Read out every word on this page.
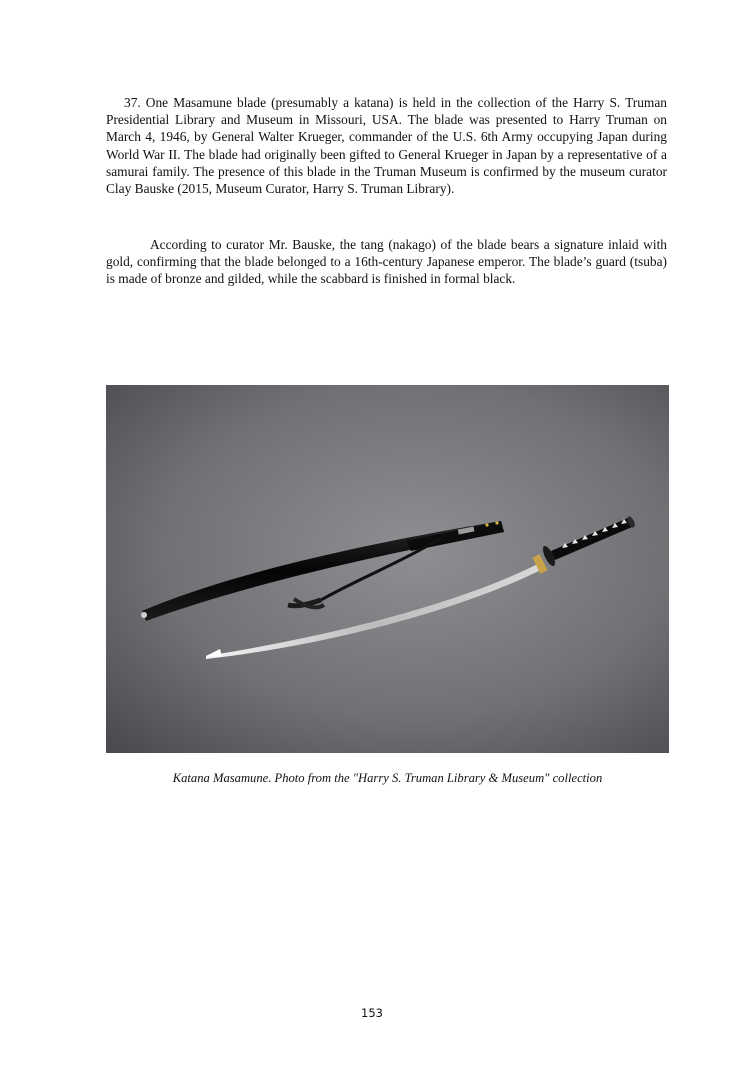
37. One Masamune blade (presumably a katana) is held in the collection of the Harry S. Truman Presidential Library and Museum in Missouri, USA. The blade was presented to Harry Truman on March 4, 1946, by General Walter Krueger, commander of the U.S. 6th Army occupying Japan during World War II. The blade had originally been gifted to General Krueger in Japan by a representative of a samurai family. The presence of this blade in the Truman Museum is confirmed by the museum curator Clay Bauske (2015, Museum Curator, Harry S. Truman Library).

According to curator Mr. Bauske, the tang (nakago) of the blade bears a signature inlaid with gold, confirming that the blade belonged to a 16th-century Japanese emperor. The blade’s guard (tsuba) is made of bronze and gilded, while the scabbard is finished in formal black.

Katana Masamune. Photo from the "Harry S. Truman Library & Museum" collection

153
